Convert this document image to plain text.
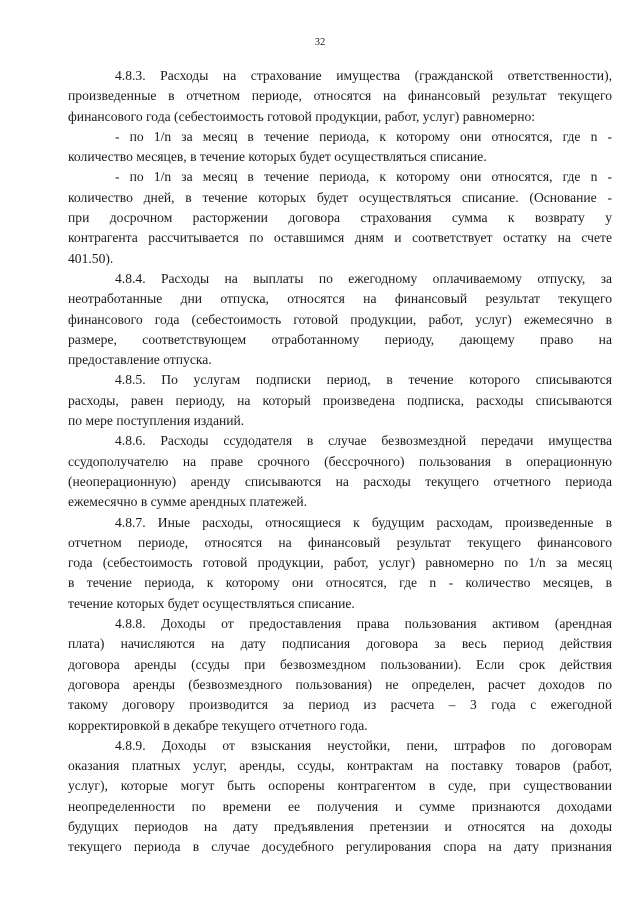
32

4.8.3. Расходы на страхование имущества (гражданской ответственности),

произведенные в отчетном периоде, относятся на финансовый результат текущего

финансового года (себестоимость готовой продукции, работ, услуг) равномерно:

- по 1/n за месяц в течение периода, к которому они относятся, где n -

количество месяцев, в течение которых будет осуществляться списание.

- по 1/n за месяц в течение периода, к которому они относятся, где n -

количество дней, в течение которых будет осуществляться списание. (Основание -

при досрочном расторжении договора страхования сумма к возврату у

контрагента рассчитывается по оставшимся дням и соответствует остатку на счете

401.50).

4.8.4. Расходы на выплаты по ежегодному оплачиваемому отпуску, за

неотработанные дни отпуска, относятся на финансовый результат текущего

финансового года (себестоимость готовой продукции, работ, услуг) ежемесячно в

размере, соответствующем отработанному периоду, дающему право на

предоставление отпуска.

4.8.5. По услугам подписки период, в течение которого списываются

расходы, равен периоду, на который произведена подписка, расходы списываются

по мере поступления изданий.

4.8.6. Расходы ссудодателя в случае безвозмездной передачи имущества

ссудополучателю на праве срочного (бессрочного) пользования в операционную

(неоперационную) аренду списываются на расходы текущего отчетного периода

ежемесячно в сумме арендных платежей.

4.8.7. Иные расходы, относящиеся к будущим расходам, произведенные в

отчетном периоде, относятся на финансовый результат текущего финансового

года (себестоимость готовой продукции, работ, услуг) равномерно по 1/n за месяц

в течение периода, к которому они относятся, где n - количество месяцев, в

течение которых будет осуществляться списание.

4.8.8. Доходы от предоставления права пользования активом (арендная

плата) начисляются на дату подписания договора за весь период действия

договора аренды (ссуды при безвозмездном пользовании). Если срок действия

договора аренды (безвозмездного пользования) не определен, расчет доходов по

такому договору производится за период из расчета – 3 года с ежегодной

корректировкой в декабре текущего отчетного года.

4.8.9. Доходы от взыскания неустойки, пени, штрафов по договорам

оказания платных услуг, аренды, ссуды, контрактам на поставку товаров (работ,

услуг), которые могут быть оспорены контрагентом в суде, при существовании

неопределенности по времени ее получения и сумме признаются доходами

будущих периодов на дату предъявления претензии и относятся на доходы

текущего периода в случае досудебного регулирования спора на дату признания
